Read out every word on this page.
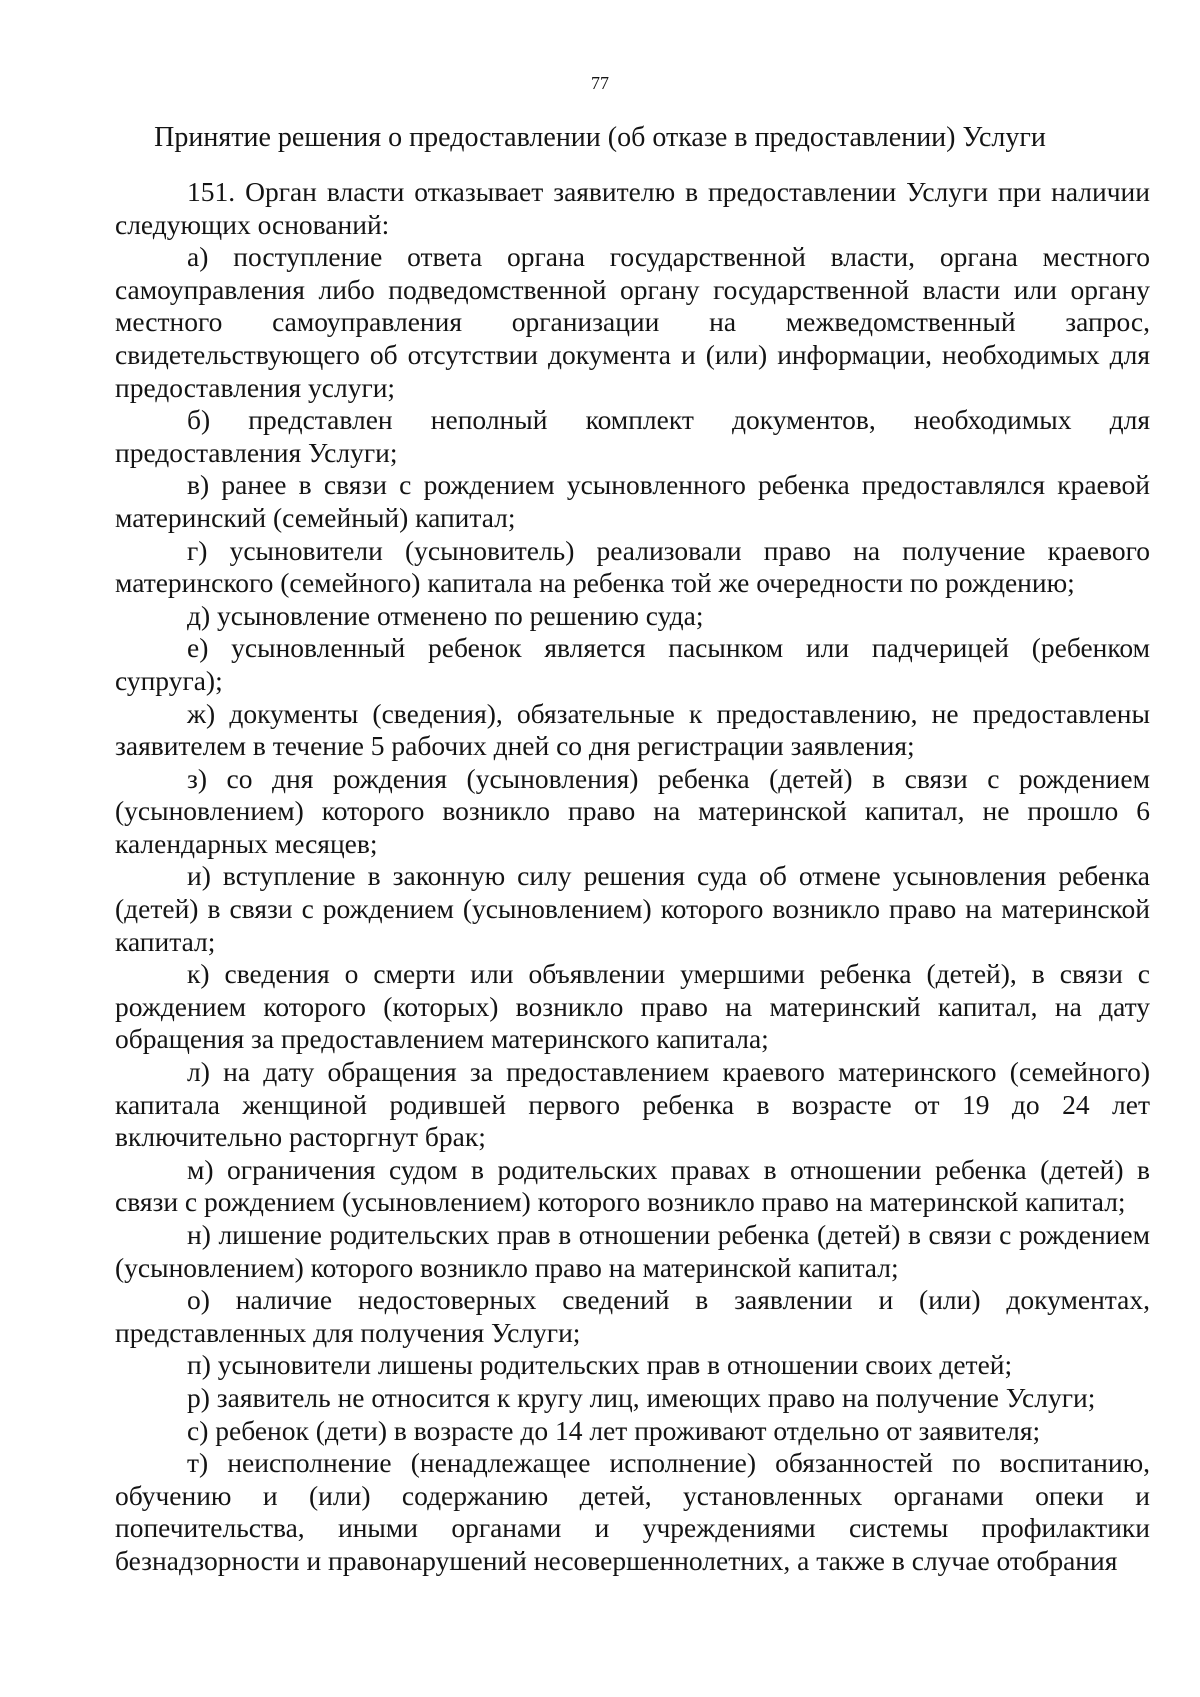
77
Принятие решения о предоставлении (об отказе в предоставлении) Услуги

151. Орган власти отказывает заявителю в предоставлении Услуги при наличии следующих оснований:

а) поступление ответа органа государственной власти, органа местного самоуправления либо подведомственной органу государственной власти или органу местного самоуправления организации на межведомственный запрос, свидетельствующего об отсутствии документа и (или) информации, необходимых для предоставления услуги;

б) представлен неполный комплект документов, необходимых для предоставления Услуги;

в) ранее в связи с рождением усыновленного ребенка предоставлялся краевой материнский (семейный) капитал;

г) усыновители (усыновитель) реализовали право на получение краевого материнского (семейного) капитала на ребенка той же очередности по рождению;

д) усыновление отменено по решению суда;

е) усыновленный ребенок является пасынком или падчерицей (ребенком супруга);

ж) документы (сведения), обязательные к предоставлению, не предоставлены заявителем в течение 5 рабочих дней со дня регистрации заявления;

з) со дня рождения (усыновления) ребенка (детей) в связи с рождением (усыновлением) которого возникло право на материнской капитал, не прошло 6 календарных месяцев;

и) вступление в законную силу решения суда об отмене усыновления ребенка (детей) в связи с рождением (усыновлением) которого возникло право на материнской капитал;

к) сведения о смерти или объявлении умершими ребенка (детей), в связи с рождением которого (которых) возникло право на материнский капитал, на дату обращения за предоставлением материнского капитала;

л) на дату обращения за предоставлением краевого материнского (семейного) капитала женщиной родившей первого ребенка в возрасте от 19 до 24 лет включительно расторгнут брак;

м) ограничения судом в родительских правах в отношении ребенка (детей) в связи с рождением (усыновлением) которого возникло право на материнской капитал;

н) лишение родительских прав в отношении ребенка (детей) в связи с рождением (усыновлением) которого возникло право на материнской капитал;

о) наличие недостоверных сведений в заявлении и (или) документах, представленных для получения Услуги;

п) усыновители лишены родительских прав в отношении своих детей;

р) заявитель не относится к кругу лиц, имеющих право на получение Услуги;

с) ребенок (дети) в возрасте до 14 лет проживают отдельно от заявителя;

т) неисполнение (ненадлежащее исполнение) обязанностей по воспитанию, обучению и (или) содержанию детей, установленных органами опеки и попечительства, иными органами и учреждениями системы профилактики безнадзорности и правонарушений несовершеннолетних, а также в случае отобрания
